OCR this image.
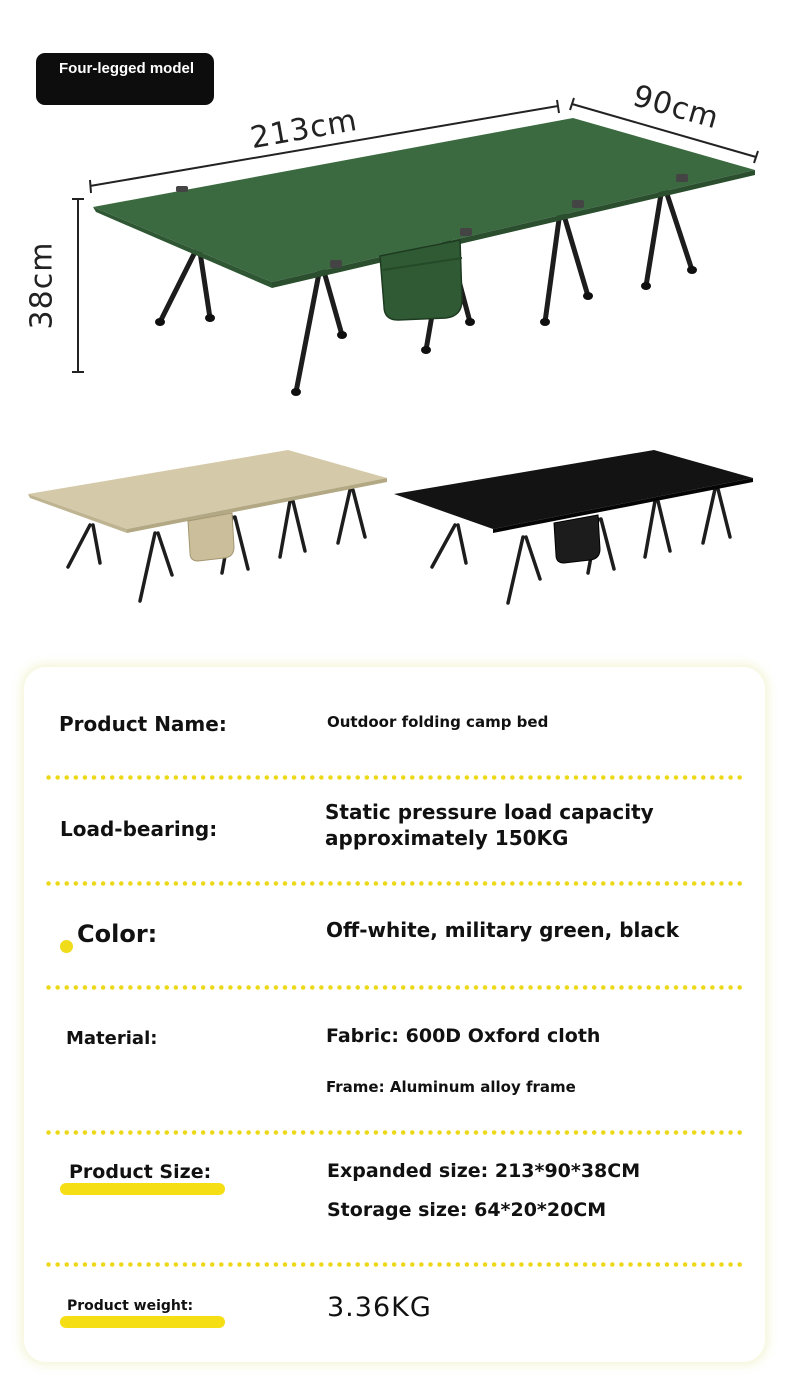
Four-legged model
213cm	90cm
38cm
Product Name:	Outdoor folding camp bed
Load-bearing:
Static pressure load capacity
approximately 150KG
Color:	Off-white, military green, black
Material:	Fabric: 600D Oxford cloth
Frame: Aluminum alloy frame
Product Size:	Expanded size: 213*90*38CM
Storage size: 64*20*20CM
Product weight:	3.36KG
